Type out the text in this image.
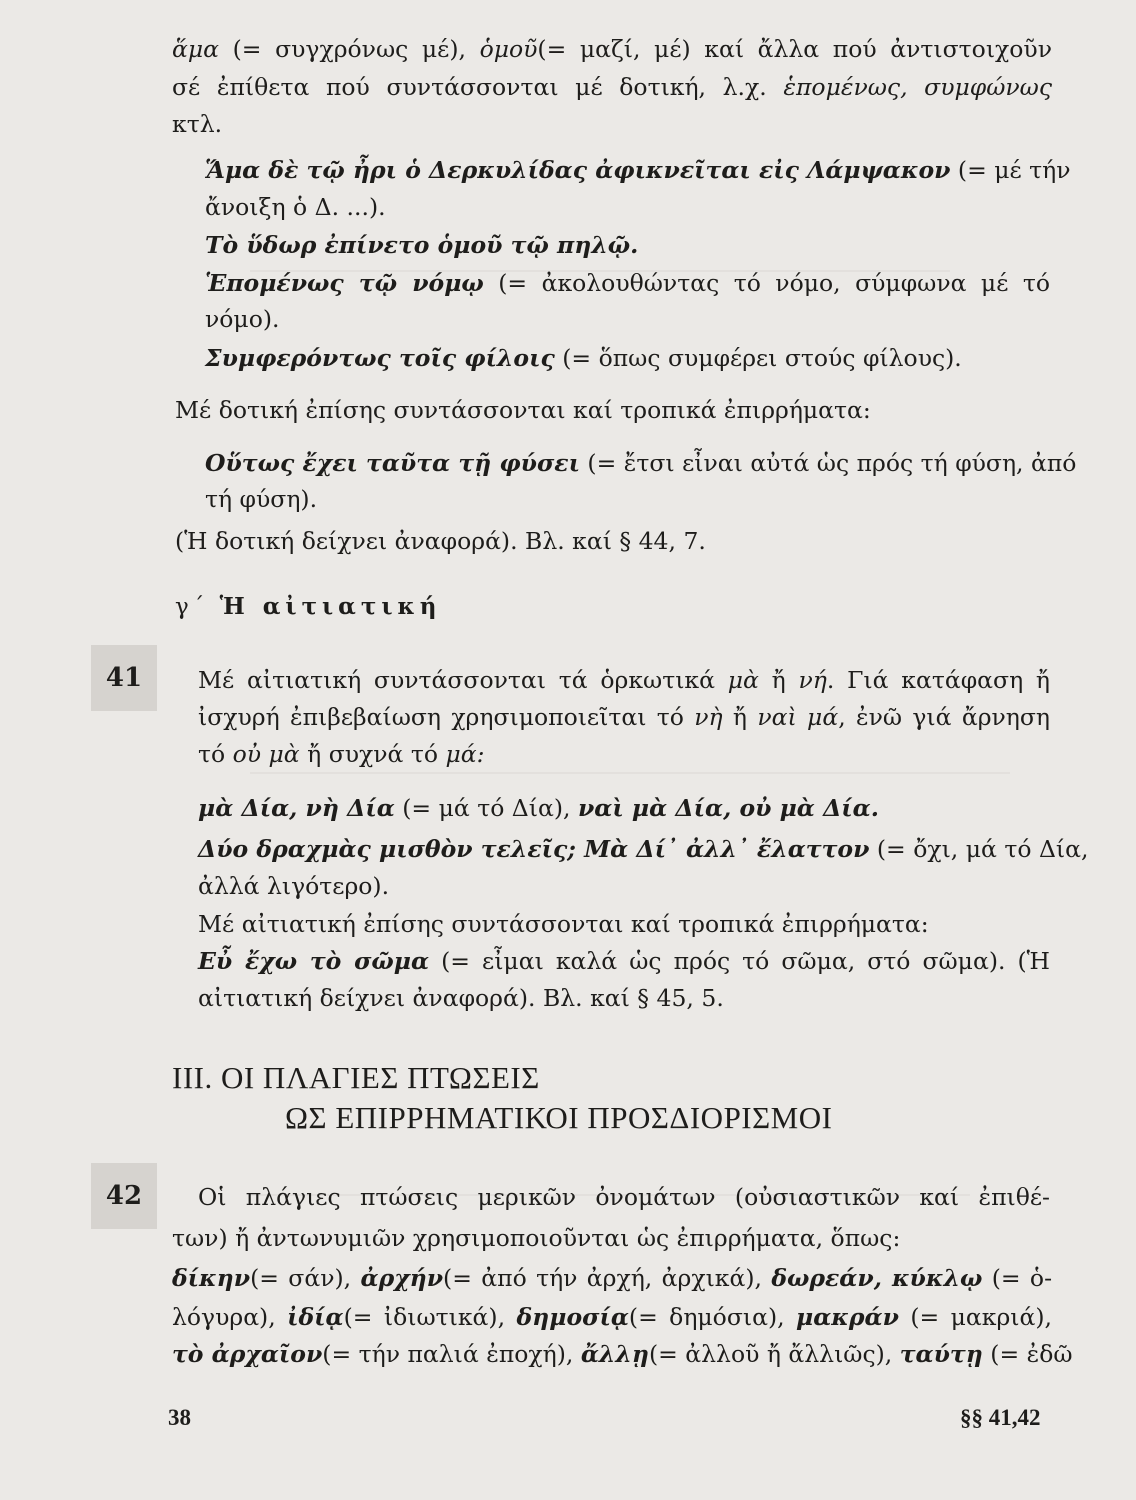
ἅμα (= συγχρόνως μέ), ὁμοῦ(= μαζί, μέ) καί ἄλλα πού ἀντιστοιχοῦν
σέ ἐπίθετα πού συντάσσονται μέ δοτική, λ.χ. ἑπομένως, συμφώνως
κτλ.
Ἅμα δὲ τῷ ἦρι ὁ Δερκυλίδας ἀφικνεῖται εἰς Λάμψακον (= μέ τήν
ἄνοιξη ὁ Δ. ...).
Τὸ ὕδωρ ἐπίνετο ὁμοῦ τῷ πηλῷ.
Ἑπομένως τῷ νόμῳ (= ἀκολουθώντας τό νόμο, σύμφωνα μέ τό
νόμο).
Συμφερόντως τοῖς φίλοις (= ὅπως συμφέρει στούς φίλους).
Μέ δοτική ἐπίσης συντάσσονται καί τροπικά ἐπιρρήματα:
Οὕτως ἔχει ταῦτα τῇ φύσει (= ἔτσι εἶναι αὐτά ὡς πρός τή φύση, ἀπό
τή φύση).
(Ἡ δοτική δείχνει ἀναφορά). Βλ. καί § 44, 7.
γ΄ Ἡ αἰτιατική
41	Μέ αἰτιατική συντάσσονται τά ὁρκωτικά μὰ ἤ νή. Γιά κατάφαση ἤ
ἰσχυρή ἐπιβεβαίωση χρησιμοποιεῖται τό νὴ ἤ ναὶ μά, ἐνῶ γιά ἄρνηση
τό οὐ μὰ ἤ συχνά τό μά:
μὰ Δία, νὴ Δία (= μά τό Δία), ναὶ μὰ Δία, οὐ μὰ Δία.
Δύο δραχμὰς μισθὸν τελεῖς; Μὰ Δί᾽ ἀλλ᾽ ἔλαττον (= ὄχι, μά τό Δία,
ἀλλά λιγότερο).
Μέ αἰτιατική ἐπίσης συντάσσονται καί τροπικά ἐπιρρήματα:
Εὖ ἔχω τὸ σῶμα (= εἶμαι καλά ὡς πρός τό σῶμα, στό σῶμα). (Ἡ
αἰτιατική δείχνει ἀναφορά). Βλ. καί § 45, 5.
ΙΙΙ. ΟΙ ΠΛΑΓΙΕΣ ΠΤΩΣΕΙΣ
ΩΣ ΕΠΙΡΡΗΜΑΤΙΚΟΙ ΠΡΟΣΔΙΟΡΙΣΜΟΙ
42	Οἱ πλάγιες πτώσεις μερικῶν ὀνομάτων (οὐσιαστικῶν καί ἐπιθέ-
των) ἤ ἀντωνυμιῶν χρησιμοποιοῦνται ὡς ἐπιρρήματα, ὅπως:
δίκην(= σάν), ἀρχήν(= ἀπό τήν ἀρχή, ἀρχικά), δωρεάν, κύκλῳ (= ὁ-
λόγυρα), ἰδίᾳ(= ἰδιωτικά), δημοσίᾳ(= δημόσια), μακράν (= μακριά),
τὸ ἀρχαῖον(= τήν παλιά ἐποχή), ἄλλῃ(= ἀλλοῦ ἤ ἄλλιῶς), ταύτῃ (= ἐδῶ
38	§§ 41,42
